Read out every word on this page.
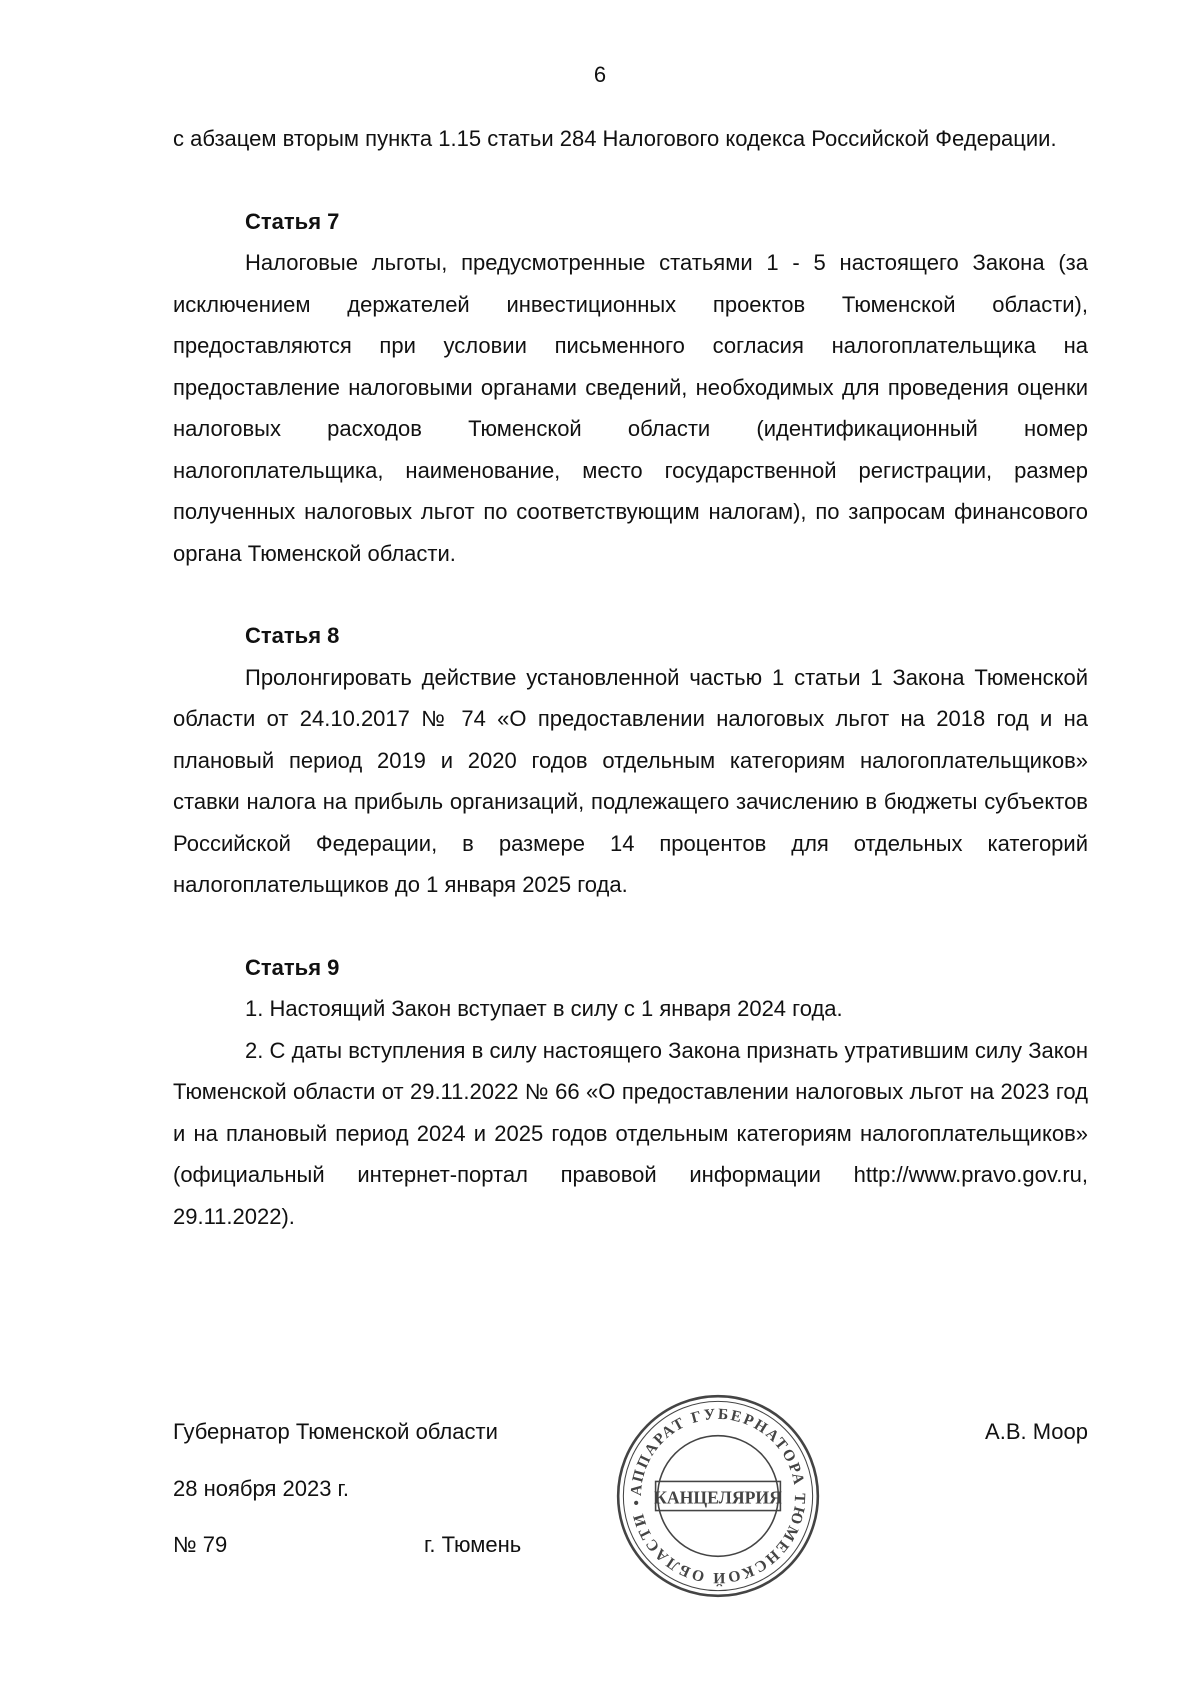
6

с абзацем вторым пункта 1.15 статьи 284 Налогового кодекса Российской Федерации.

Статья 7

Налоговые льготы, предусмотренные статьями 1 - 5 настоящего Закона (за исключением держателей инвестиционных проектов Тюменской области), предоставляются при условии письменного согласия налогоплательщика на предоставление налоговыми органами сведений, необходимых для проведения оценки налоговых расходов Тюменской области (идентификационный номер налогоплательщика, наименование, место государственной регистрации, размер полученных налоговых льгот по соответствующим налогам), по запросам финансового органа Тюменской области.

Статья 8

Пролонгировать действие установленной частью 1 статьи 1 Закона Тюменской области от 24.10.2017 № 74 «О предоставлении налоговых льгот на 2018 год и на плановый период 2019 и 2020 годов отдельным категориям налогоплательщиков» ставки налога на прибыль организаций, подлежащего зачислению в бюджеты субъектов Российской Федерации, в размере 14 процентов для отдельных категорий налогоплательщиков до 1 января 2025 года.

Статья 9

1. Настоящий Закон вступает в силу с 1 января 2024 года.

2. С даты вступления в силу настоящего Закона признать утратившим силу Закон Тюменской области от 29.11.2022 № 66 «О предоставлении налоговых льгот на 2023 год и на плановый период 2024 и 2025 годов отдельным категориям налогоплательщиков» (официальный интернет-портал правовой информации http://www.pravo.gov.ru, 29.11.2022).

Губернатор Тюменской области	А.В. Моор
28 ноября 2023 г.
№ 79	г. Тюмень
АППАРАТ ГУБЕРНАТОРА ТЮМЕНСКОЙ ОБЛАСТИ • КАНЦЕЛЯРИЯ
